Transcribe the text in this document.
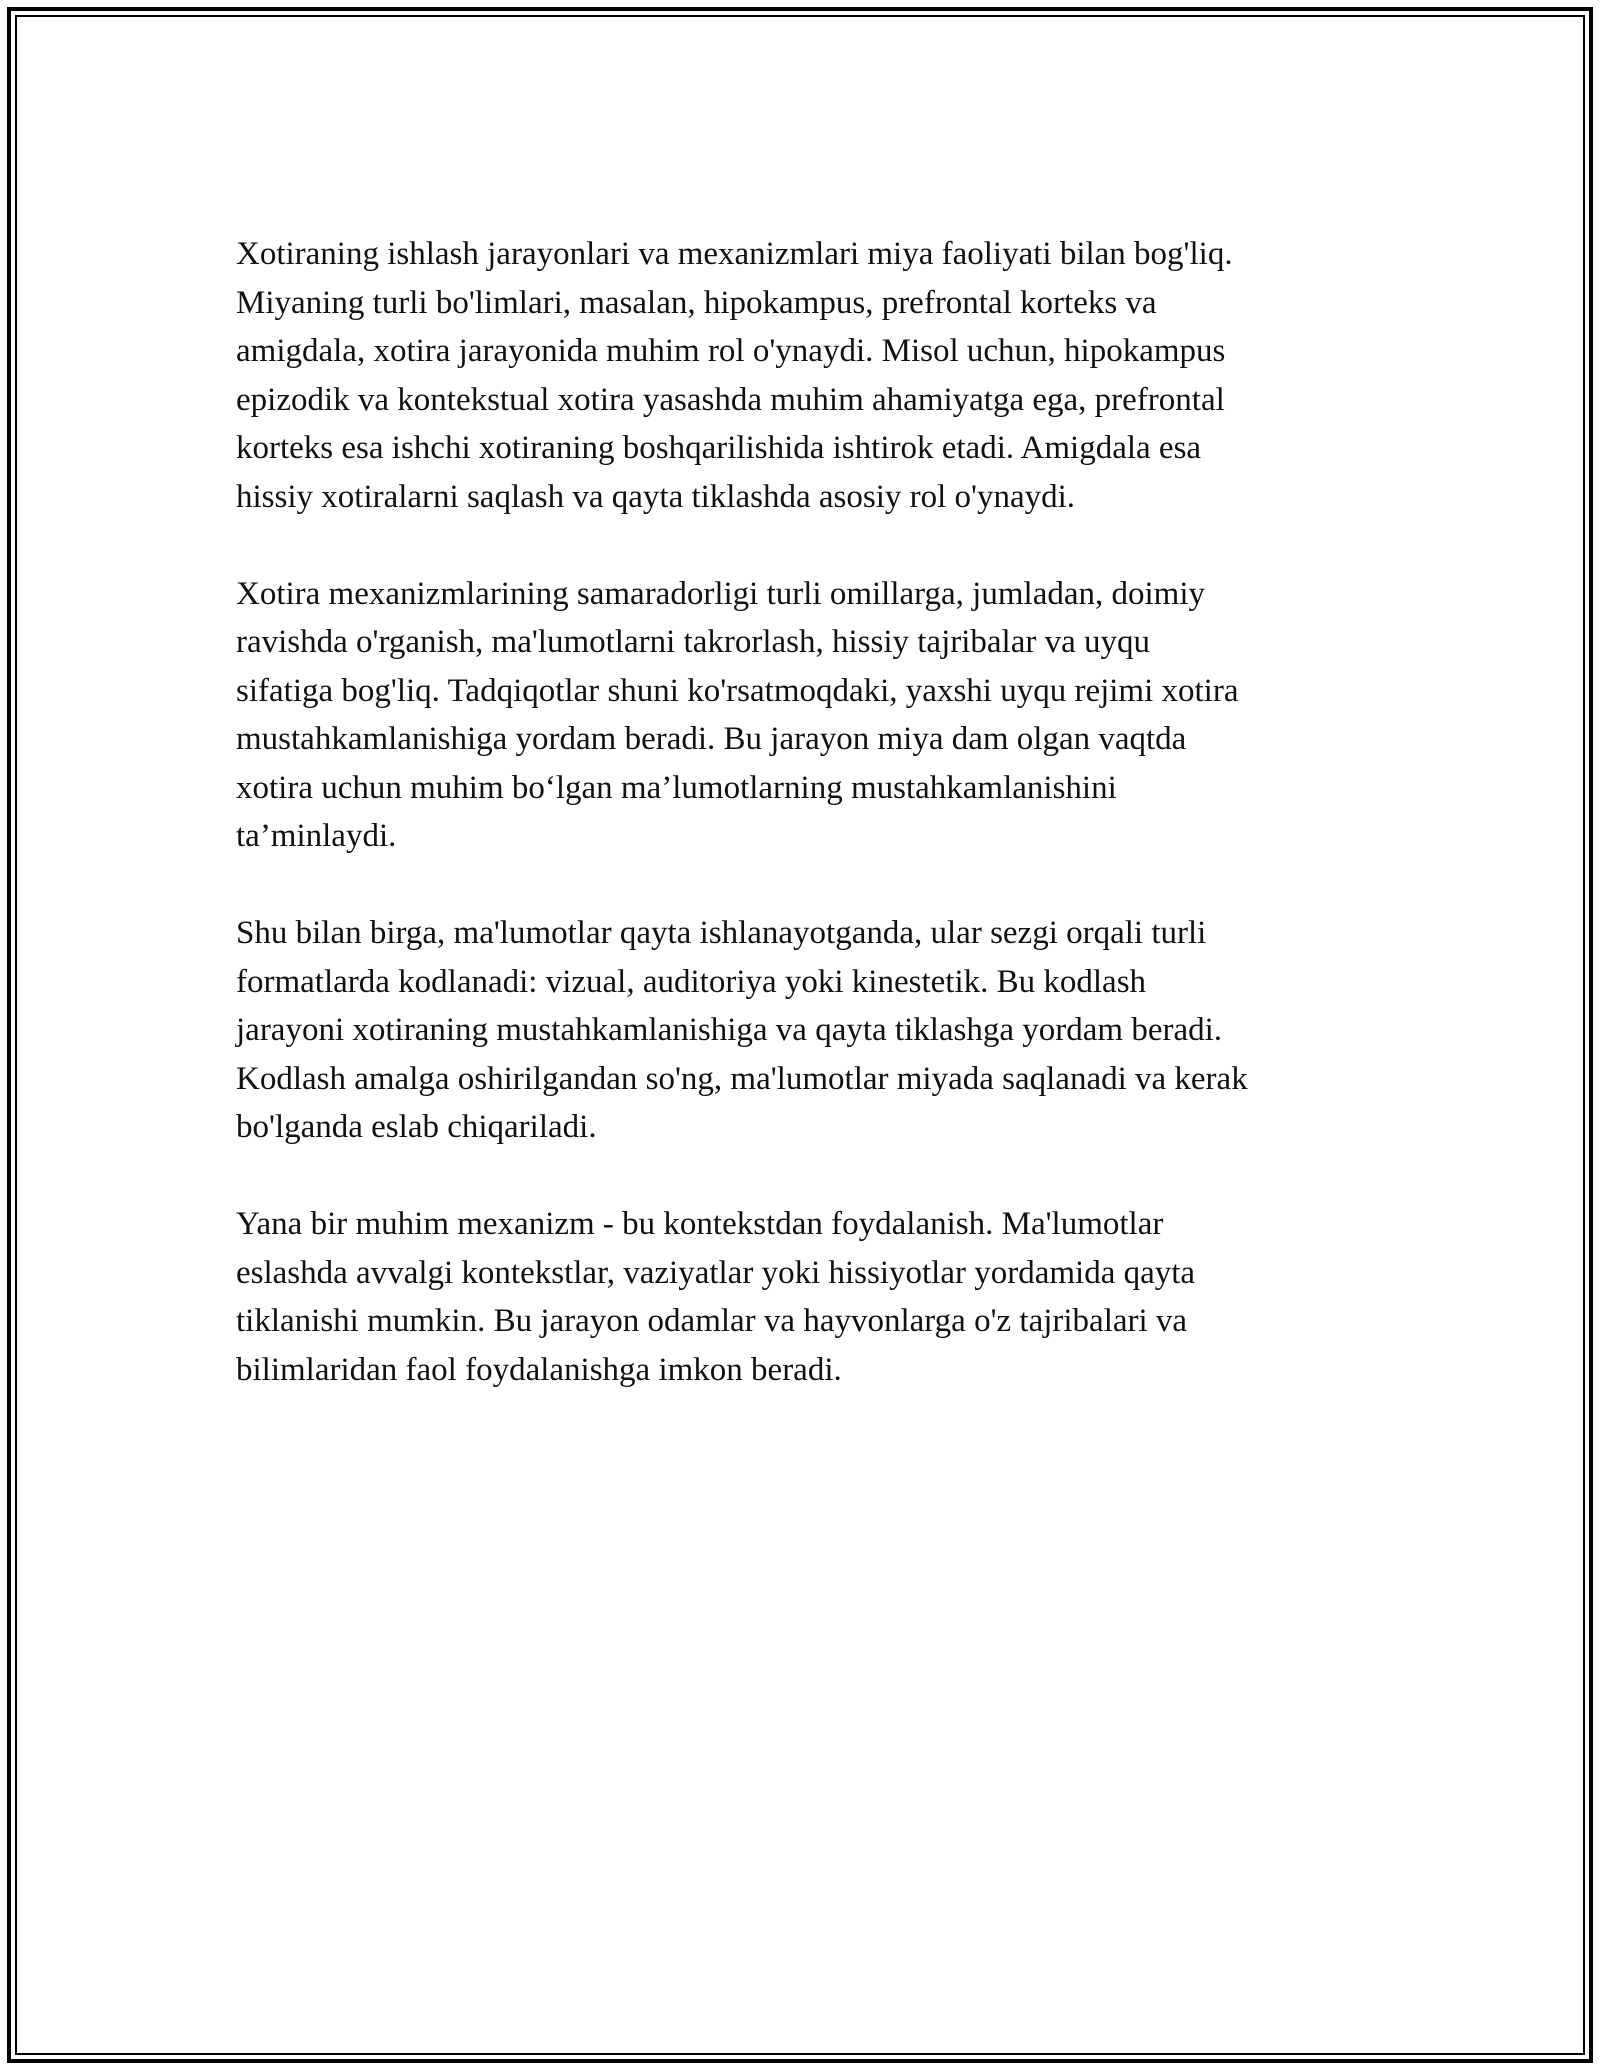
Xotiraning ishlash jarayonlari va mexanizmlari miya faoliyati bilan bog'liq.
Miyaning turli bo'limlari, masalan, hipokampus, prefrontal korteks va
amigdala, xotira jarayonida muhim rol o'ynaydi. Misol uchun, hipokampus
epizodik va kontekstual xotira yasashda muhim ahamiyatga ega, prefrontal
korteks esa ishchi xotiraning boshqarilishida ishtirok etadi. Amigdala esa
hissiy xotiralarni saqlash va qayta tiklashda asosiy rol o'ynaydi.

Xotira mexanizmlarining samaradorligi turli omillarga, jumladan, doimiy
ravishda o'rganish, ma'lumotlarni takrorlash, hissiy tajribalar va uyqu
sifatiga bog'liq. Tadqiqotlar shuni ko'rsatmoqdaki, yaxshi uyqu rejimi xotira
mustahkamlanishiga yordam beradi. Bu jarayon miya dam olgan vaqtda
xotira uchun muhim bo‘lgan ma’lumotlarning mustahkamlanishini
ta’minlaydi.

Shu bilan birga, ma'lumotlar qayta ishlanayotganda, ular sezgi orqali turli
formatlarda kodlanadi: vizual, auditoriya yoki kinestetik. Bu kodlash
jarayoni xotiraning mustahkamlanishiga va qayta tiklashga yordam beradi.
Kodlash amalga oshirilgandan so'ng, ma'lumotlar miyada saqlanadi va kerak
bo'lganda eslab chiqariladi.

Yana bir muhim mexanizm - bu kontekstdan foydalanish. Ma'lumotlar
eslashda avvalgi kontekstlar, vaziyatlar yoki hissiyotlar yordamida qayta
tiklanishi mumkin. Bu jarayon odamlar va hayvonlarga o'z tajribalari va
bilimlaridan faol foydalanishga imkon beradi.
